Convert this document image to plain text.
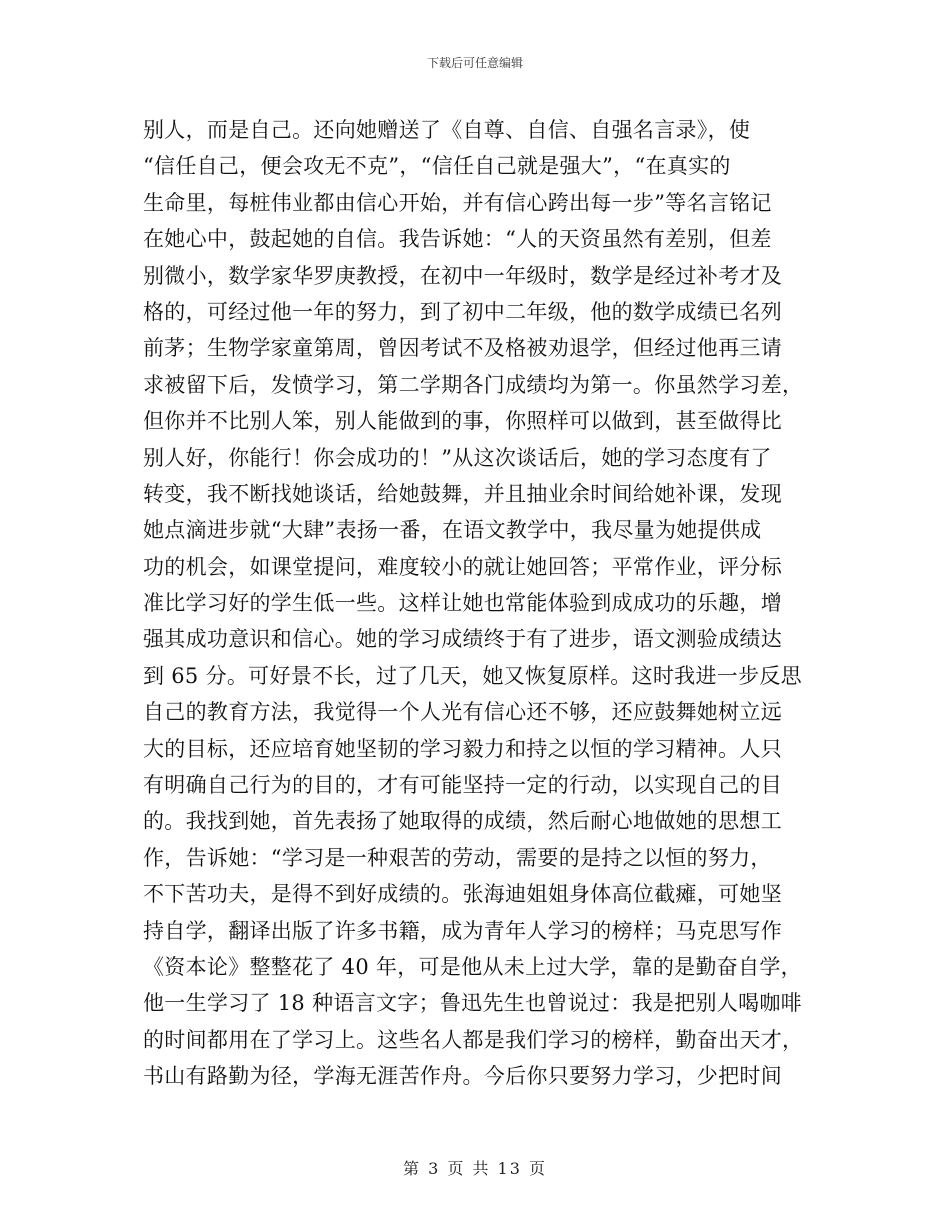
下载后可任意编辑
别人，而是自己。还向她赠送了《自尊、自信、自强名言录》，使
“信任自己，便会攻无不克”，“信任自己就是强大”，“在真实的
生命里，每桩伟业都由信心开始，并有信心跨出每一步”等名言铭记
在她心中，鼓起她的自信。我告诉她：“人的天资虽然有差别，但差
别微小，数学家华罗庚教授，在初中一年级时，数学是经过补考才及
格的，可经过他一年的努力，到了初中二年级，他的数学成绩已名列
前茅；生物学家童第周，曾因考试不及格被劝退学，但经过他再三请
求被留下后，发愤学习，第二学期各门成绩均为第一。你虽然学习差，
但你并不比别人笨，别人能做到的事，你照样可以做到，甚至做得比
别人好，你能行！你会成功的！”从这次谈话后，她的学习态度有了
转变，我不断找她谈话，给她鼓舞，并且抽业余时间给她补课，发现
她点滴进步就“大肆”表扬一番，在语文教学中，我尽量为她提供成
功的机会，如课堂提问，难度较小的就让她回答；平常作业，评分标
准比学习好的学生低一些。这样让她也常能体验到成成功的乐趣，增
强其成功意识和信心。她的学习成绩终于有了进步，语文测验成绩达
到 65 分。可好景不长，过了几天，她又恢复原样。这时我进一步反思
自己的教育方法，我觉得一个人光有信心还不够，还应鼓舞她树立远
大的目标，还应培育她坚韧的学习毅力和持之以恒的学习精神。人只
有明确自己行为的目的，才有可能坚持一定的行动，以实现自己的目
的。我找到她，首先表扬了她取得的成绩，然后耐心地做她的思想工
作，告诉她：“学习是一种艰苦的劳动，需要的是持之以恒的努力，
不下苦功夫，是得不到好成绩的。张海迪姐姐身体高位截瘫，可她坚
持自学，翻译出版了许多书籍，成为青年人学习的榜样；马克思写作
《资本论》整整花了 40 年，可是他从未上过大学，靠的是勤奋自学，
他一生学习了 18 种语言文字；鲁迅先生也曾说过：我是把别人喝咖啡
的时间都用在了学习上。这些名人都是我们学习的榜样，勤奋出天才，
书山有路勤为径，学海无涯苦作舟。今后你只要努力学习，少把时间
第 3 页 共 13 页
